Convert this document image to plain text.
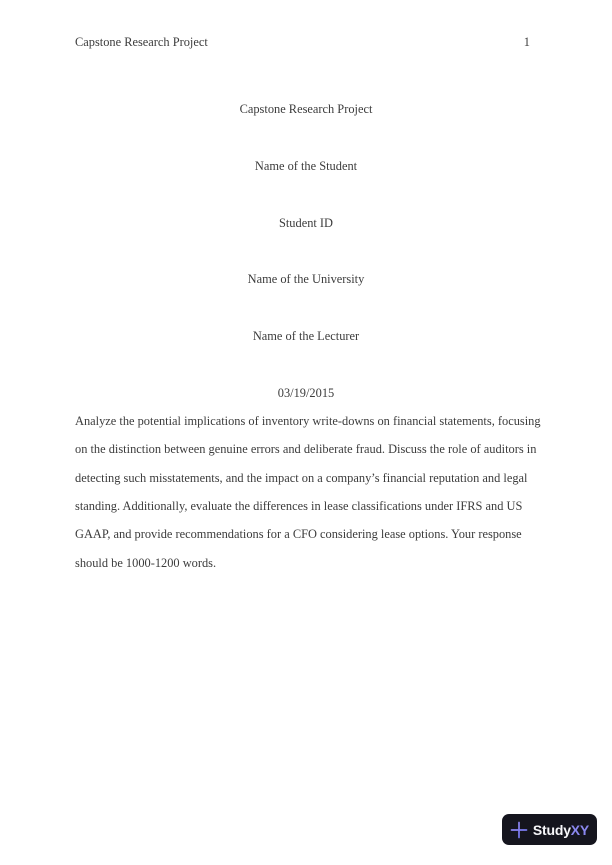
Capstone Research Project	1
Capstone Research Project
Name of the Student
Student ID
Name of the University
Name of the Lecturer
03/19/2015
Analyze the potential implications of inventory write-downs on financial statements, focusing
on the distinction between genuine errors and deliberate fraud. Discuss the role of auditors in
detecting such misstatements, and the impact on a company’s financial reputation and legal
standing. Additionally, evaluate the differences in lease classifications under IFRS and US
GAAP, and provide recommendations for a CFO considering lease options. Your response
should be 1000-1200 words.
StudyXY
